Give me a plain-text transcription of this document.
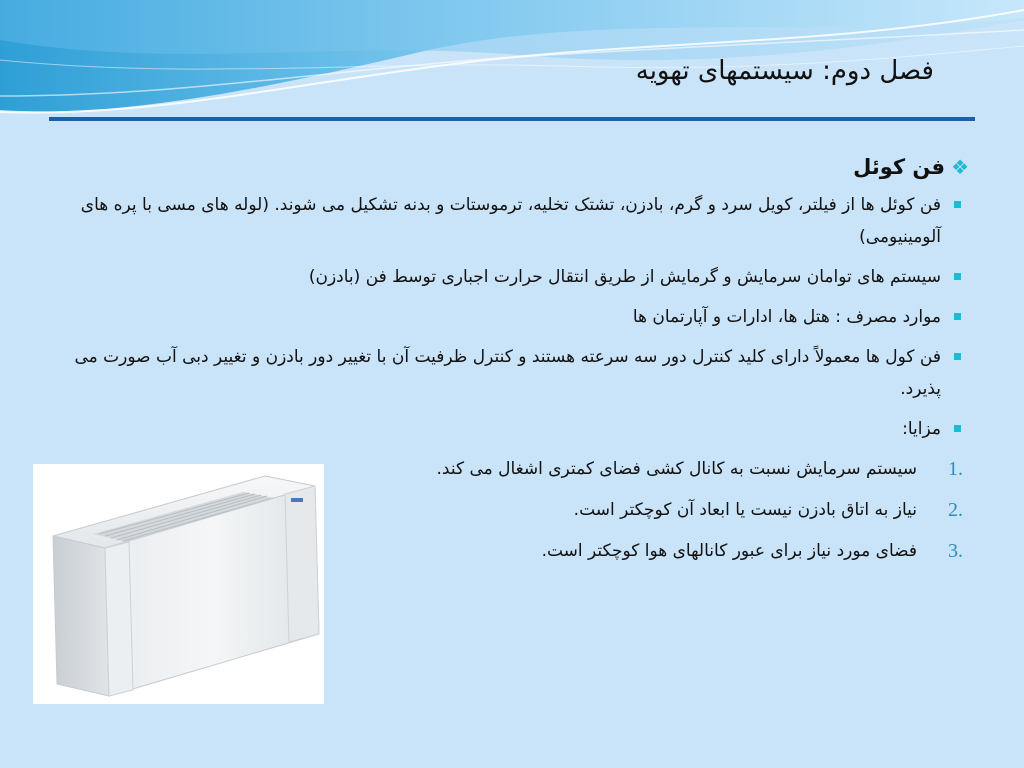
فصل دوم: سیستمهای تهویه
❖
فن کوئل
فن کوئل ها از فیلتر، کویل سرد و گرم، بادزن، تشتک تخلیه، ترموستات و بدنه تشکیل می شوند. (لوله های مسی با پره های آلومینیومی)
سیستم های توامان سرمایش و گرمایش از طریق انتقال حرارت اجباری توسط فن (بادزن)
موارد مصرف : هتل ها، ادارات و آپارتمان ها
فن کول ها معمولاً دارای کلید کنترل دور سه سرعته هستند و کنترل ظرفیت آن با تغییر دور بادزن و تغییر دبی آب صورت می پذیرد.
مزایا:
1.
سیستم سرمایش نسبت به کانال کشی فضای کمتری اشغال می کند.
2.
نیاز به اتاق بادزن نیست یا ابعاد آن کوچکتر است.
3.
فضای مورد نیاز برای عبور کانالهای هوا کوچکتر است.
